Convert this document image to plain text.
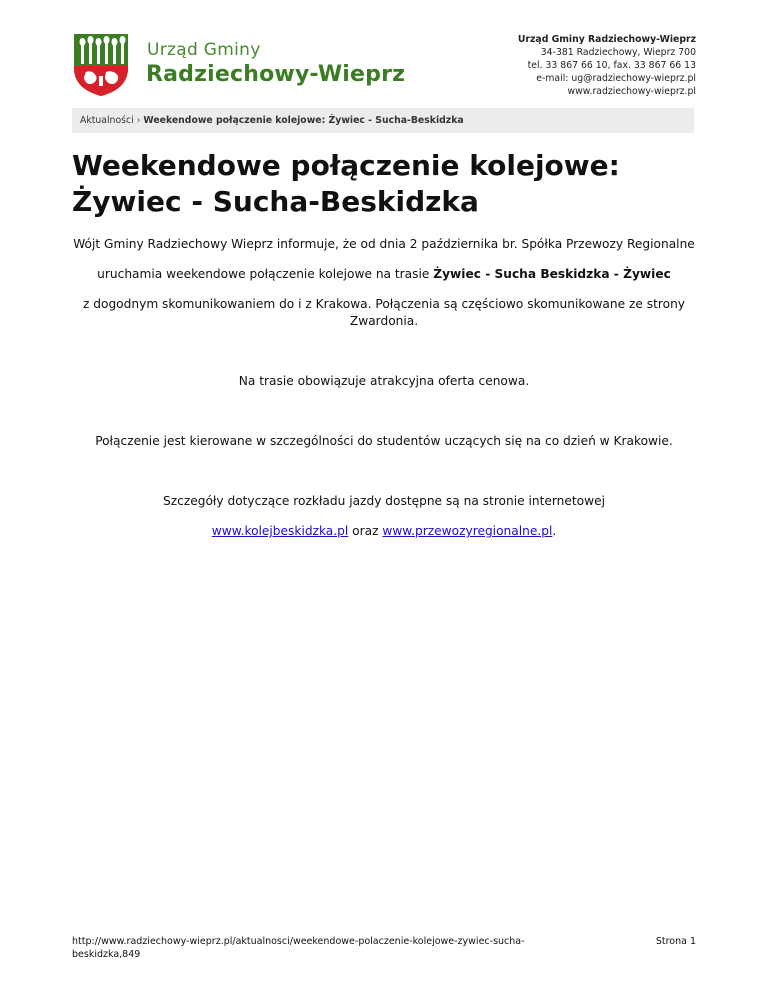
Urząd Gminy
Radziechowy-Wieprz
Urząd Gminy Radziechowy-Wieprz
34-381 Radziechowy, Wieprz 700
tel. 33 867 66 10, fax. 33 867 66 13
e-mail: ug@radziechowy-wieprz.pl
www.radziechowy-wieprz.pl
Aktualności › Weekendowe połączenie kolejowe: Żywiec - Sucha-Beskidzka
Weekendowe połączenie kolejowe: Żywiec - Sucha-Beskidzka

Wójt Gminy Radziechowy Wieprz informuje, że od dnia 2 października br. Spółka Przewozy Regionalne

uruchamia weekendowe połączenie kolejowe na trasie Żywiec - Sucha Beskidzka - Żywiec

z dogodnym skomunikowaniem do i z Krakowa. Połączenia są częściowo skomunikowane ze strony Zwardonia.

Na trasie obowiązuje atrakcyjna oferta cenowa.

Połączenie jest kierowane w szczególności do studentów uczących się na co dzień w Krakowie.

Szczegóły dotyczące rozkładu jazdy dostępne są na stronie internetowej

www.kolejbeskidzka.pl oraz www.przewozyregionalne.pl.

http://www.radziechowy-wieprz.pl/aktualnosci/weekendowe-polaczenie-kolejowe-zywiec-sucha-beskidzka,849
Strona 1
